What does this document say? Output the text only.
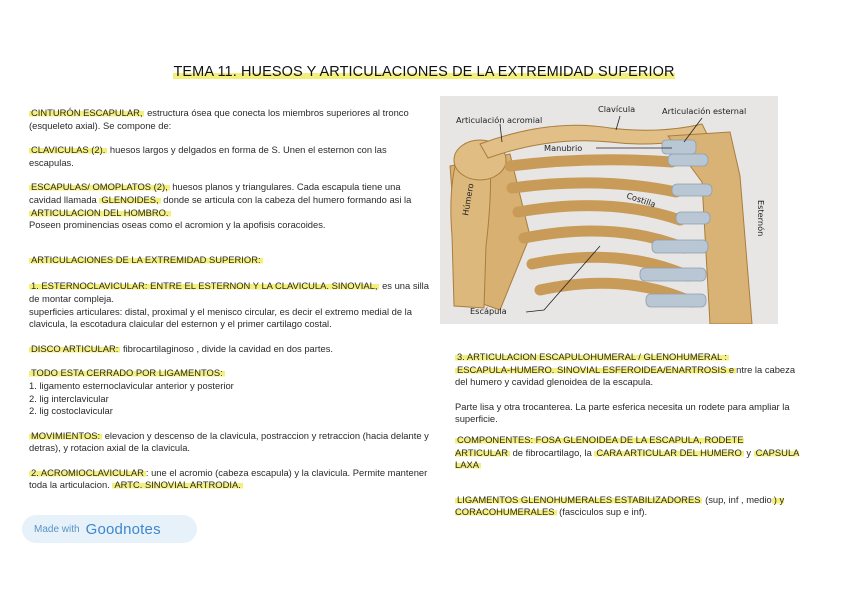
TEMA 11. HUESOS Y ARTICULACIONES DE LA EXTREMIDAD SUPERIOR

CINTURÓN ESCAPULAR, estructura ósea que conecta los miembros superiores al tronco (esqueleto axial). Se compone de:

CLAVICULAS (2). huesos largos y delgados en forma de S. Unen el esternon con las escapulas.

ESCAPULAS/ OMOPLATOS (2), huesos planos y triangulares. Cada escapula tiene una cavidad llamada GLENOIDES, donde se articula con la cabeza del humero formando asi la ARTICULACION DEL HOMBRO.

Poseen prominencias oseas como el acromion y la apofisis coracoides.

ARTICULACIONES DE LA EXTREMIDAD SUPERIOR:

1. ESTERNOCLAVICULAR: ENTRE EL ESTERNON Y LA CLAVICULA. SINOVIAL, es una silla de montar compleja.

superficies articulares: distal, proximal y el menisco circular, es decir el extremo medial de la clavicula, la escotadura claicular del esternon y el primer cartilago costal.

DISCO ARTICULAR: fibrocartilaginoso , divide la cavidad en dos partes.

TODO ESTA CERRADO POR LIGAMENTOS:

1. ligamento esternoclavicular anterior y posterior

2. lig interclavicular

2. lig costoclavicular

MOVIMIENTOS: elevacion y descenso de la clavicula, postraccion y retraccion (hacia delante y detras), y rotacion axial de la clavicula.

2. ACROMIOCLAVICULAR : une el acromio (cabeza escapula) y la clavicula. Permite mantener toda la articulacion. ARTC. SINOVIAL ARTRODIA.

Articulación acromial
Clavícula	Articulación esternal
Manubrio
Costilla
Húmero
Esternón
Escápula

3. ARTICULACION ESCAPULOHUMERAL / GLENOHUMERAL :

ESCAPULA-HUMERO. SINOVIAL ESFEROIDEA/ENARTROSIS e ntre la cabeza del humero y cavidad glenoidea de la escapula.

Parte lisa y otra trocanterea. La parte esferica necesita un rodete para ampliar la superficie.

COMPONENTES: FOSA GLENOIDEA DE LA ESCAPULA, RODETE ARTICULAR de fibrocartilago, la CARA ARTICULAR DEL HUMERO y CAPSULA LAXA

LIGAMENTOS GLENOHUMERALES ESTABILIZADORES (sup, inf , medio ) y CORACOHUMERALES (fasciculos sup e inf).

Made with Goodnotes
